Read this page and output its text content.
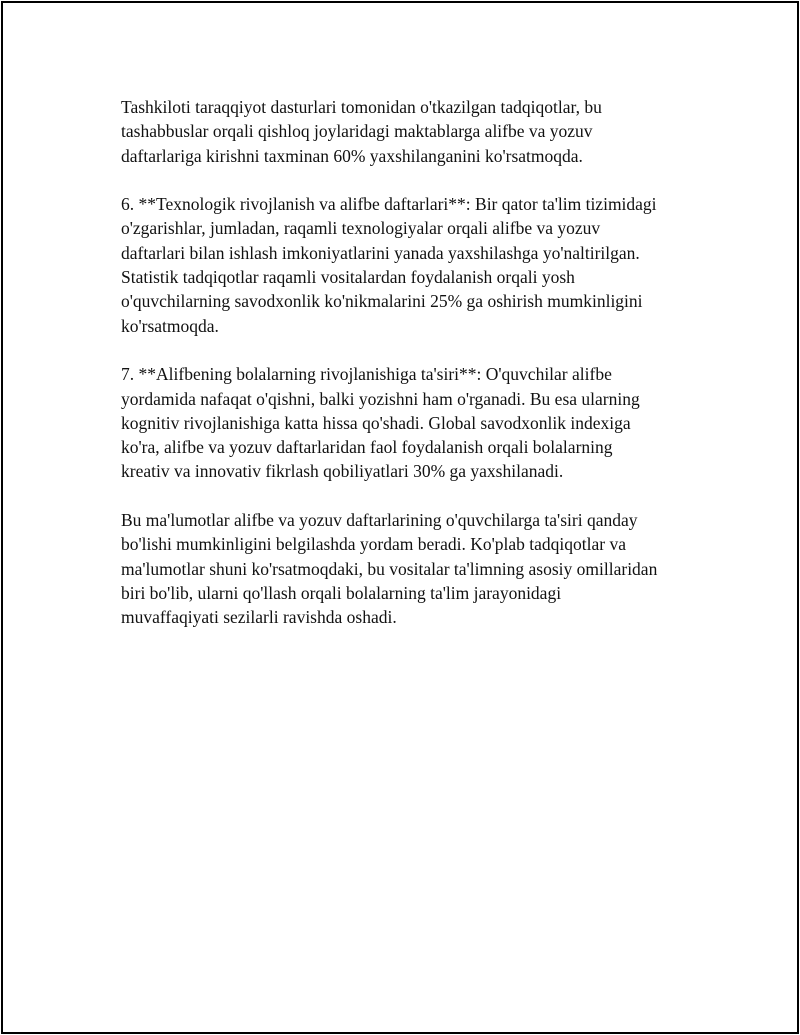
Tashkiloti taraqqiyot dasturlari tomonidan o'tkazilgan tadqiqotlar, bu
tashabbuslar orqali qishloq joylaridagi maktablarga alifbe va yozuv
daftarlariga kirishni taxminan 60% yaxshilanganini ko'rsatmoqda.

6. **Texnologik rivojlanish va alifbe daftarlari**: Bir qator ta'lim tizimidagi
o'zgarishlar, jumladan, raqamli texnologiyalar orqali alifbe va yozuv
daftarlari bilan ishlash imkoniyatlarini yanada yaxshilashga yo'naltirilgan.
Statistik tadqiqotlar raqamli vositalardan foydalanish orqali yosh
o'quvchilarning savodxonlik ko'nikmalarini 25% ga oshirish mumkinligini
ko'rsatmoqda.

7. **Alifbening bolalarning rivojlanishiga ta'siri**: O'quvchilar alifbe
yordamida nafaqat o'qishni, balki yozishni ham o'rganadi. Bu esa ularning
kognitiv rivojlanishiga katta hissa qo'shadi. Global savodxonlik indexiga
ko'ra, alifbe va yozuv daftarlaridan faol foydalanish orqali bolalarning
kreativ va innovativ fikrlash qobiliyatlari 30% ga yaxshilanadi.

Bu ma'lumotlar alifbe va yozuv daftarlarining o'quvchilarga ta'siri qanday
bo'lishi mumkinligini belgilashda yordam beradi. Ko'plab tadqiqotlar va
ma'lumotlar shuni ko'rsatmoqdaki, bu vositalar ta'limning asosiy omillaridan
biri bo'lib, ularni qo'llash orqali bolalarning ta'lim jarayonidagi
muvaffaqiyati sezilarli ravishda oshadi.
